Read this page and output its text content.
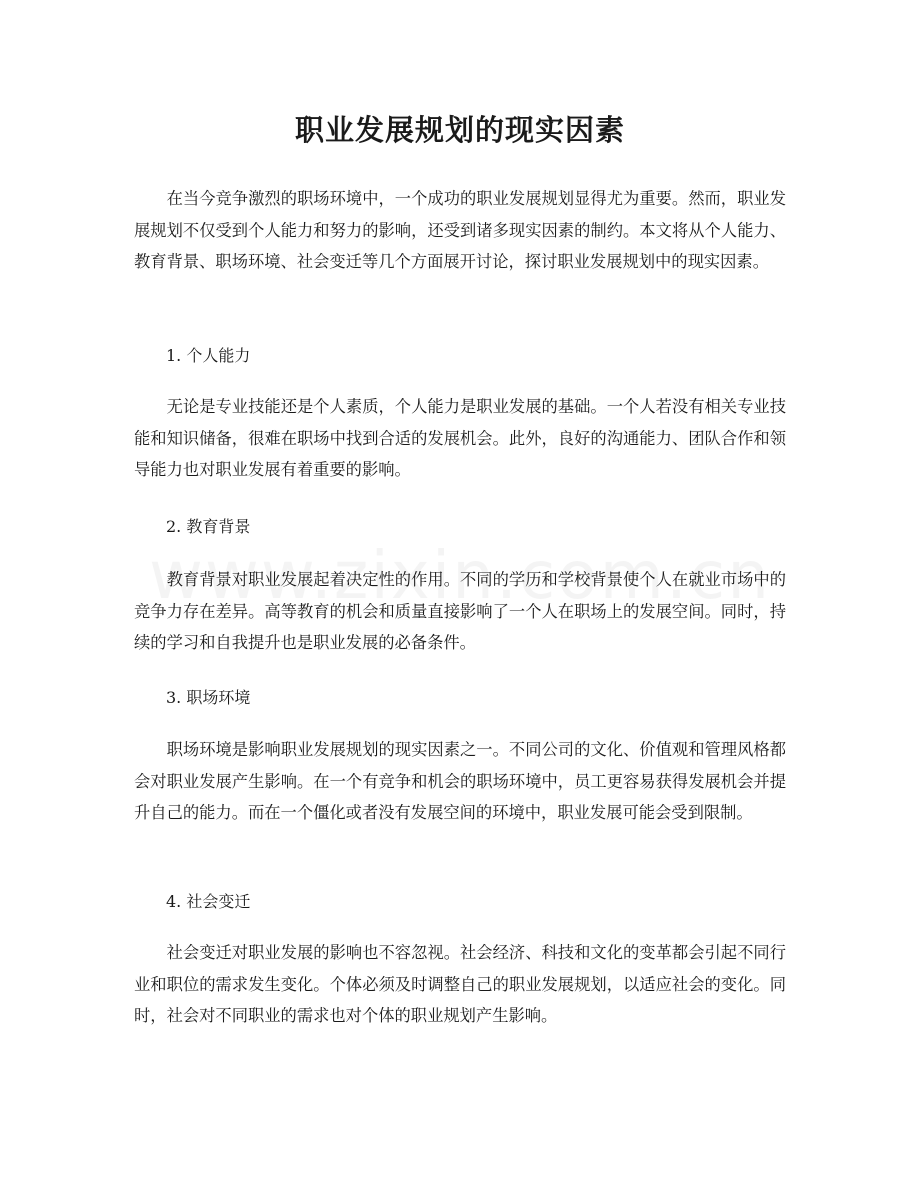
职业发展规划的现实因素

在当今竞争激烈的职场环境中，一个成功的职业发展规划显得尤为重要。然而，职业发展规划不仅受到个人能力和努力的影响，还受到诸多现实因素的制约。本文将从个人能力、教育背景、职场环境、社会变迁等几个方面展开讨论，探讨职业发展规划中的现实因素。

1. 个人能力

无论是专业技能还是个人素质，个人能力是职业发展的基础。一个人若没有相关专业技能和知识储备，很难在职场中找到合适的发展机会。此外，良好的沟通能力、团队合作和领导能力也对职业发展有着重要的影响。

2. 教育背景

教育背景对职业发展起着决定性的作用。不同的学历和学校背景使个人在就业市场中的竞争力存在差异。高等教育的机会和质量直接影响了一个人在职场上的发展空间。同时，持续的学习和自我提升也是职业发展的必备条件。

3. 职场环境

职场环境是影响职业发展规划的现实因素之一。不同公司的文化、价值观和管理风格都会对职业发展产生影响。在一个有竞争和机会的职场环境中，员工更容易获得发展机会并提升自己的能力。而在一个僵化或者没有发展空间的环境中，职业发展可能会受到限制。

4. 社会变迁

社会变迁对职业发展的影响也不容忽视。社会经济、科技和文化的变革都会引起不同行业和职位的需求发生变化。个体必须及时调整自己的职业发展规划，以适应社会的变化。同时，社会对不同职业的需求也对个体的职业规划产生影响。
